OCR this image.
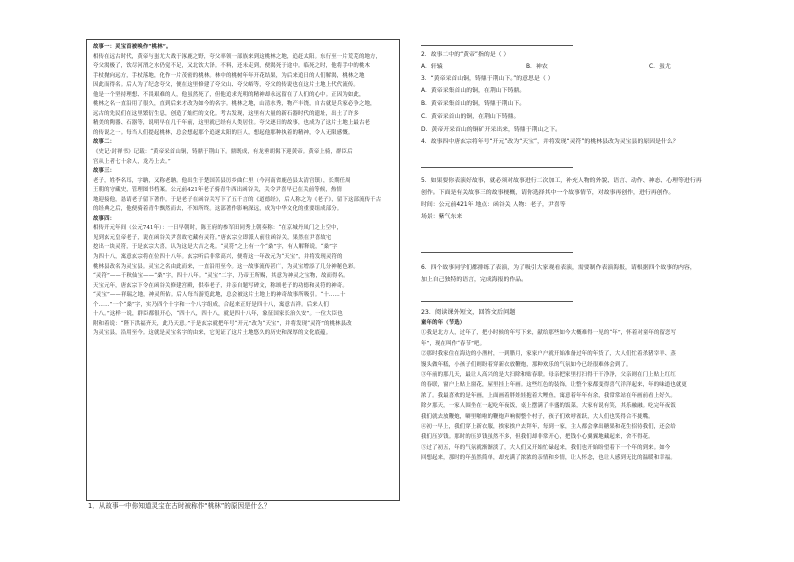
故事一：灵宝首被唤作“桃林”。
相传在远古时代，黄帝与蚩尤大战于涿鹿之野，夸父率领一部族来到这桃林之地，追赶太阳。东行至一片荒芜的地方，
夸父渴极了，饮尽河渭之水仍觉不足，又北饮大泽。不料，还未走到，便渴死于途中。临死之时，他将手中的桃木
手杖抛向远方，手杖落地，化作一片茂密的桃林。林中的桃树年年开花结果，为后来追日的人们解渴，桃林之地
因此而得名。后人为了纪念夸父，便在这里修建了夸父山、夸父峪等，夸父的传说也在这片土地上代代流传。
他是一个坚持理想、不畏艰难的人，他虽然死了，但他追求光明的精神却永远留在了人们的心中。正因为如此，
桃林之名一直沿用了很久，直到后来才改为如今的名字。桃林之地，山清水秀，物产丰饶，自古就是兵家必争之地，
远古的先民们在这里繁衍生息，创造了灿烂的文化。考古发现，这里有大量的新石器时代的遗址，出土了许多
精美的陶器、石器等，说明早在几千年前，这里就已经有人类居住。夸父逐日的故事，也成为了这片土地上最古老
的传说之一。每当人们提起桃林，总会想起那个追逐太阳的巨人，想起他那种执着的精神，令人无限感慨。
故事二：
《史记·封禅书》记载：“黄帝采首山铜，铸鼎于荆山下。鼎既成，有龙垂胡髯下迎黄帝。黄帝上骑，群臣后
宫从上者七十余人，龙乃上去。”
故事三：
老子，姓李名耳，字聃，又称老聃。他出生于楚国苦县厉乡曲仁里（今河南省鹿邑县太清宫镇），长期任周
王朝的守藏史，管理图书档案。公元前421年老子骑青牛西出函谷关，关令尹喜早已在关前等候，热情
地迎接他，恳请老子留下著作。于是老子在函谷关写下了五千言的《道德经》，后人称之为《老子》，留下这部流传千古
的经典之后，他便骑着青牛飘然而去，不知所终。这部著作影响深远，成为中华文化的重要组成部分。
故事四：
相传开元年间（公元741年）：一日早朝时，陈王府的参军田同秀上朝奏称：“在京城丹凤门之上空中，
见到玄元皇帝老子，说在函谷关尹喜故宅藏有灵符。”唐玄宗立即派人前往函谷关，果然在尹喜故宅
挖出一块灵符，于是玄宗大喜，认为这是大吉之兆。“灵符”之上有一个“桑”字，有人解释说，“桑”字
为四十八，寓意玄宗将在位四十八年。玄宗听后非常高兴，便将这一年改元为“天宝”，并将发现灵符的
桃林县改名为灵宝县。灵宝之名由此而来，一直沿用至今。这一故事流传甚广，为灵宝增添了几分神秘色彩。
“灵符”——千秋仙宝——“桑”字，四十八年。“灵宝”二字，乃帝王所赐，其意为神灵之宝物，故而得名。
天宝元年，唐玄宗下令在函谷关修建宫殿，供奉老子，并亲自题写碑文，称颂老子的功德和灵符的神奇。
“灵宝”——祥瑞之地，神灵所佑。后人每当游览此地，总会被这片土地上的神奇故事所吸引。“十……十
个……”一个“桑”字，实乃四个十字和一个八字组成，合起来正好是四十八，寓意吉祥。后来人们
十八。”这样一说，群臣都很开心，“四十八，四十八，就是四十八年，象征国家长治久安”。一位大臣也
附和着说：“陛下洪福齐天，此乃天意。”于是玄宗就把年号“开元”改为“天宝”，并将发现“灵符”的桃林县改
为灵宝县，沿用至今。这就是灵宝名字的由来，它见证了这片土地悠久的历史和深厚的文化底蕴。
1．从故事一中你知道灵宝在古时被称作“桃林”的原因是什么？
2．故事二中的“黄帝”指的是（ ）
A．轩辕	B．神农	C．蚩尤
3．“黄帝采首山铜，铸鼎于荆山下。”的意思是（ ）
A．黄帝采集首山的铜，在荆山下铸鼎。
B．黄帝采集首山的铜，铸鼎于荆山下。
C．黄帝采首山的铜，在荆山下铸鼎。
D．黄帝开采首山的铜矿开采出来，铸鼎于荆山之下。
4．故事四中唐玄宗将年号“开元”改为“天宝”，并将发现“灵符”的桃林县改为灵宝县的原因是什么？
5．如果要你表演好故事，就必须对故事进行二次加工，补充人物的外貌、语言、动作、神态、心理等进行再
创作。下面是有关故事三的故事梗概，请你选择其中一个故事情节，对故事再创作，进行再创作。
时间：公元前421年 地点：函谷关 人物：老子，尹喜等
场景：紫气东来
6．四个故事同学们都排练了表演，为了吸引大家观看表演，需要制作表演海报，请根据四个故事的内容，
加上自己独特的语言，完成海报的作品。
23．阅读课外短文，回答文后问题
童年的年（节选）
①我是北方人，过年了，把小时候的年写下来，献给那些如今大概难得一见的“年”，怀着对童年的留恋写
年”，现在叫作“春节”吧。
②那时我家住在海边的小渔村，一到腊月，家家户户就开始准备过年的年货了，大人们忙着杀猪宰羊、蒸
馒头做年糕，小孩子们则盼着穿新衣放鞭炮，那种欢乐的气氛如今已经很难体会到了。
③年前的那几天，最让人高兴的是大扫除和贴春联。母亲把家里打扫得干干净净，父亲则在门上贴上红红
的春联，窗户上贴上窗花，屋里挂上年画。这些红色的装饰，让整个家都变得喜气洋洋起来，年的味道也就更
浓了。我最喜欢的是年画，上面画着胖娃娃抱着大鲤鱼，寓意着年年有余，我常常站在年画前看上好久。
除夕那天，一家人围坐在一起吃年夜饭，桌上摆满了丰盛的饭菜，大家有说有笑，其乐融融。吃完年夜饭
我们就去放鞭炮，噼里啪啦的鞭炮声响彻整个村子，孩子们欢呼雀跃，大人们也笑得合不拢嘴。
④初一早上，我们穿上新衣服，挨家挨户去拜年，每到一家，主人都会拿出糖果和花生招待我们，还会给
我们压岁钱。那时的压岁钱虽然不多，但我们却非常开心，把钱小心翼翼地藏起来，舍不得花。
⑤过了初五，年的气氛就渐渐淡了，大人们又开始忙碌起来，我们也开始盼望着下一个年的到来。如今
回想起来，那时的年虽然简单，却充满了浓浓的亲情和乡情，让人怀念，也让人感到无比的温暖和幸福。
